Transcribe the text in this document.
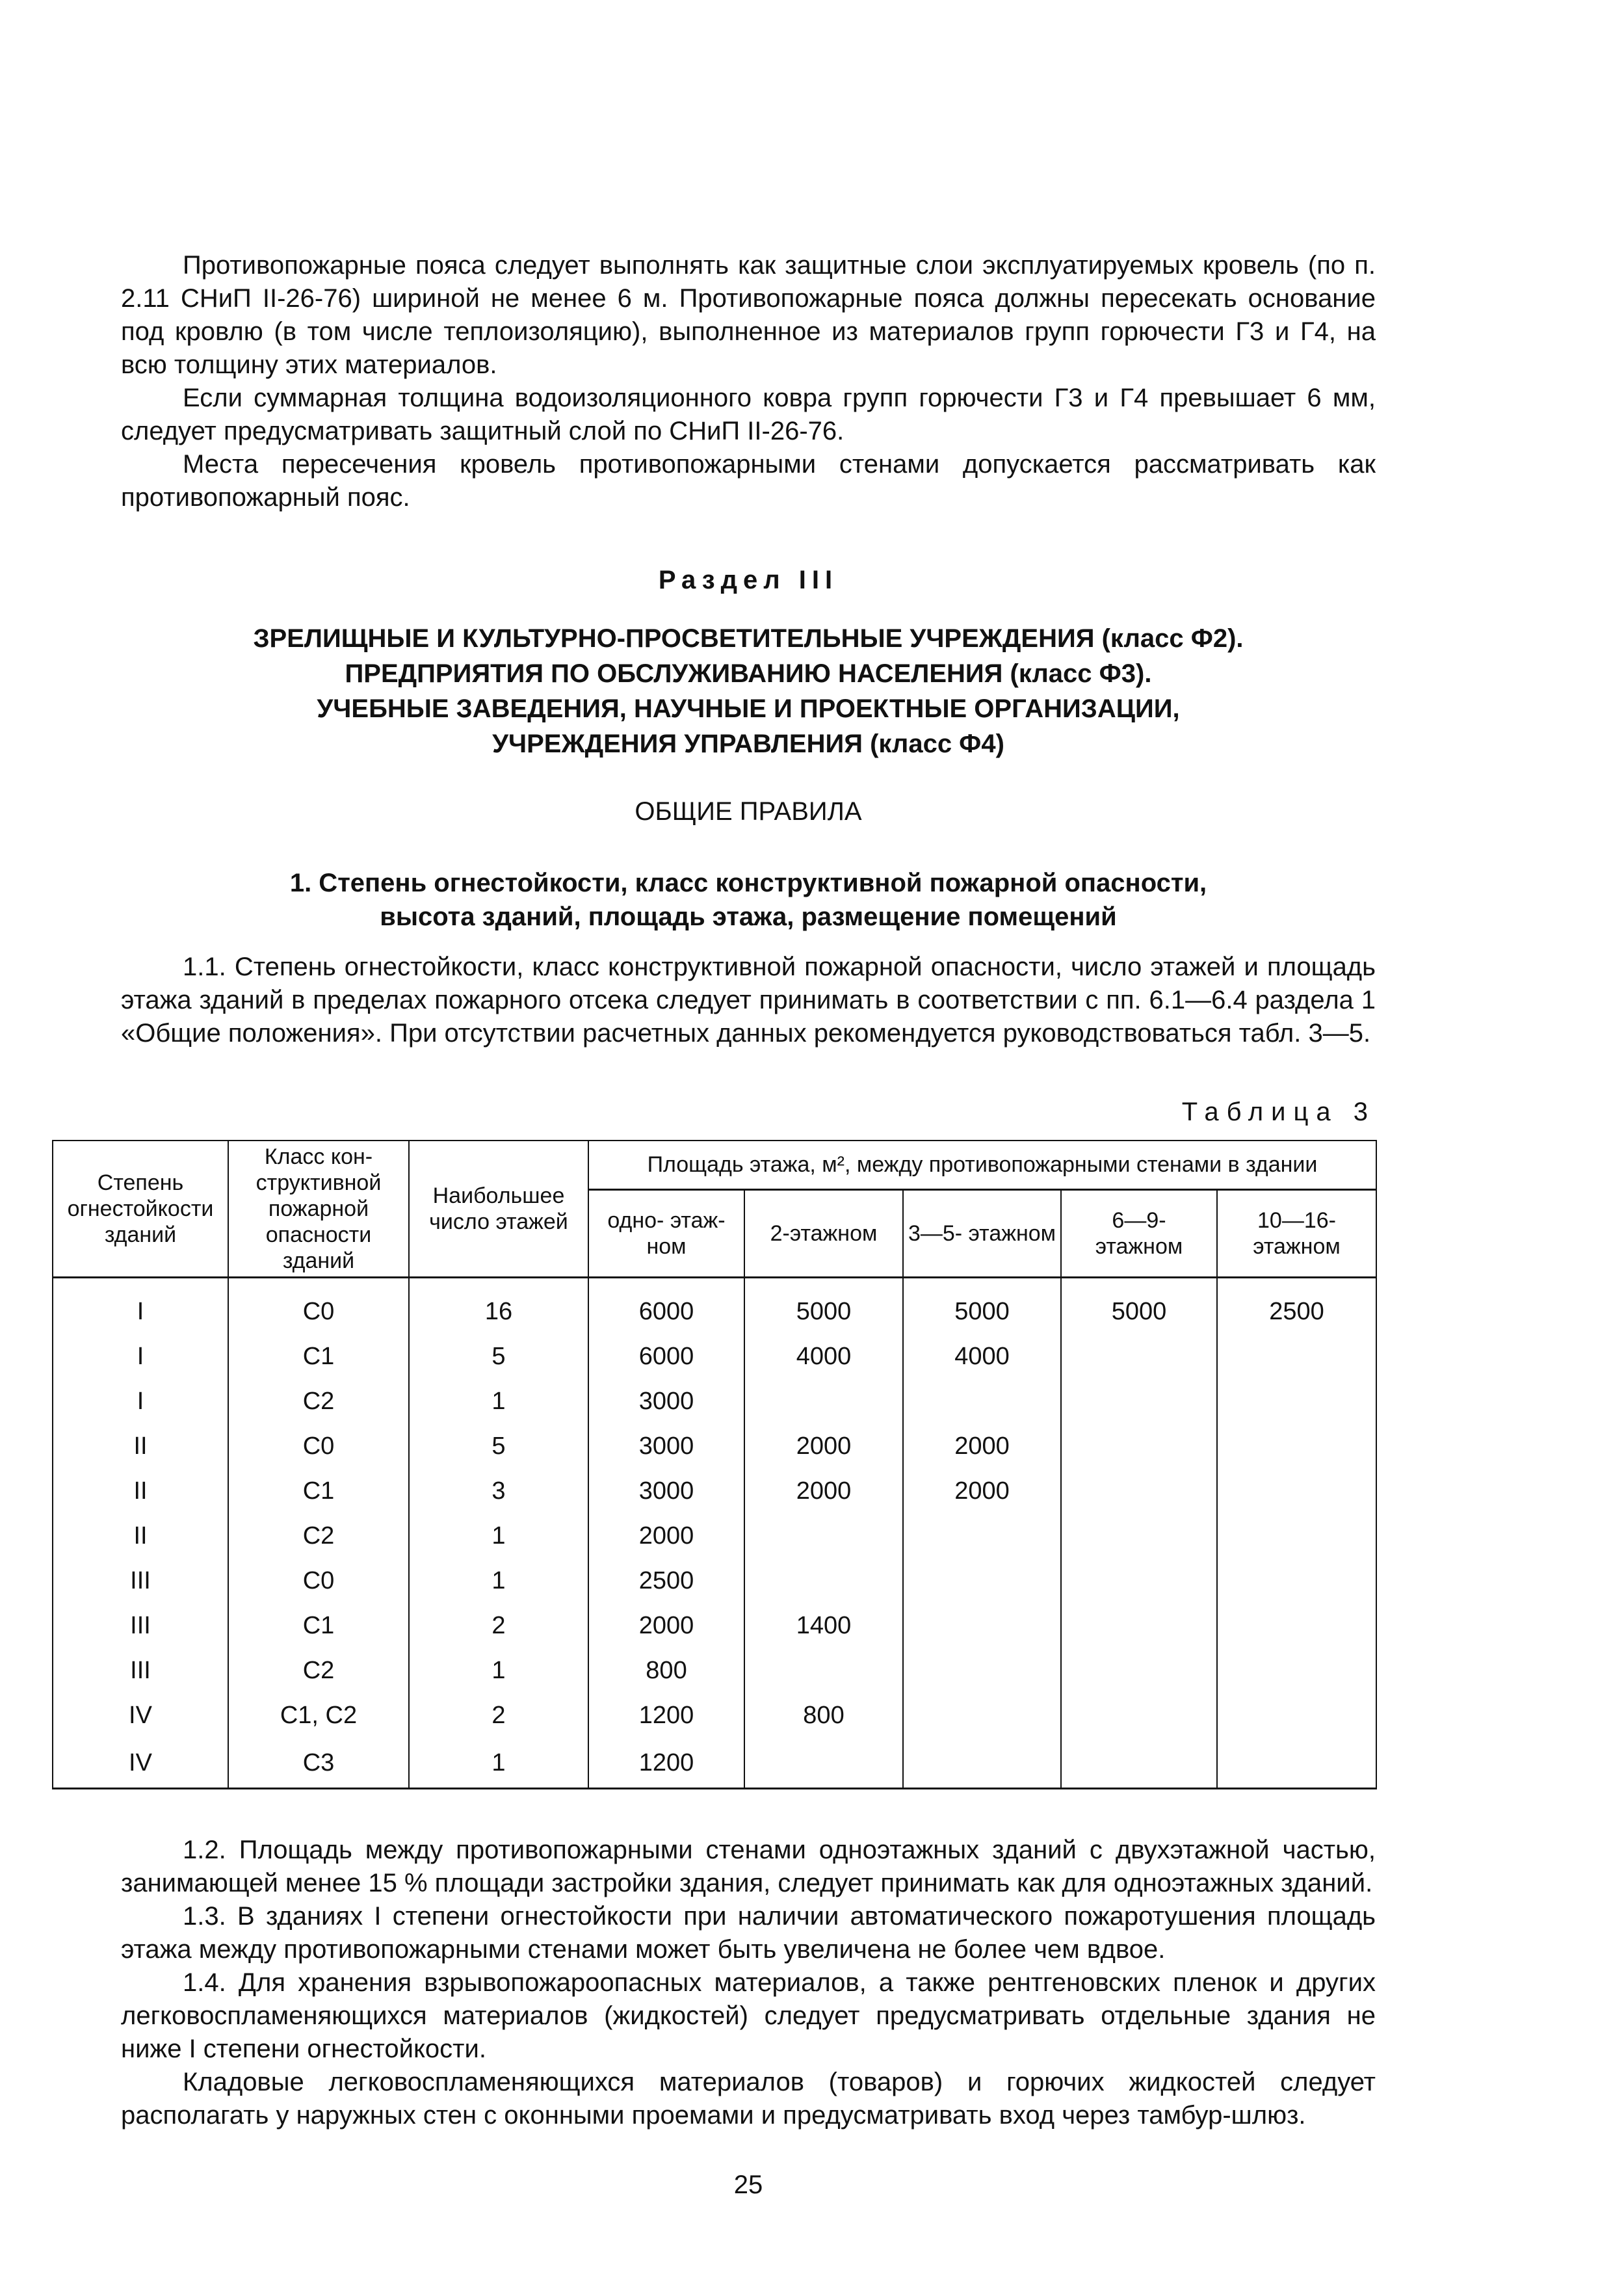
Противопожарные пояса следует выполнять как защитные слои эксплуатируемых кровель (по п. 2.11 СНиП II-26-76) шириной не менее 6 м. Противопожарные пояса должны пересекать основание под кровлю (в том числе теплоизоляцию), выполненное из материалов групп горючести Г3 и Г4, на всю толщину этих материалов.

Если суммарная толщина водоизоляционного ковра групп горючести Г3 и Г4 превышает 6 мм, следует предусматривать защитный слой по СНиП II-26-76.

Места пересечения кровель противопожарными стенами допускается рассматривать как противопожарный пояс.

Раздел III
ЗРЕЛИЩНЫЕ И КУЛЬТУРНО-ПРОСВЕТИТЕЛЬНЫЕ УЧРЕЖДЕНИЯ (класс Ф2).
ПРЕДПРИЯТИЯ ПО ОБСЛУЖИВАНИЮ НАСЕЛЕНИЯ (класс Ф3).
УЧЕБНЫЕ ЗАВЕДЕНИЯ, НАУЧНЫЕ И ПРОЕКТНЫЕ ОРГАНИЗАЦИИ,
УЧРЕЖДЕНИЯ УПРАВЛЕНИЯ (класс Ф4)
ОБЩИЕ ПРАВИЛА
1. Степень огнестойкости, класс конструктивной пожарной опасности,
высота зданий, площадь этажа, размещение помещений

1.1. Степень огнестойкости, класс конструктивной пожарной опасности, число этажей и площадь этажа зданий в пределах пожарного отсека следует принимать в соответствии с пп. 6.1—6.4 раздела 1 «Общие положения». При отсутствии расчетных данных рекомендуется руководствоваться табл. 3—5.

Таблица 3
Степень огнестойкости зданий	Класс кон- структивной пожарной опасности зданий	Наибольшее число этажей	Площадь этажа, м², между противопожарными стенами в здании				
			одно- этаж- ном	2-этажном	3—5- этажном	6—9- этажном	10—16- этажном
I	С0	16	6000	5000	5000	5000	2500
I	С1	5	6000	4000	4000		
I	С2	1	3000				
II	С0	5	3000	2000	2000		
II	С1	3	3000	2000	2000		
II	С2	1	2000				
III	С0	1	2500				
III	С1	2	2000	1400			
III	С2	1	800				
IV	С1, С2	2	1200	800			
IV	С3	1	1200				

1.2. Площадь между противопожарными стенами одноэтажных зданий с двухэтажной частью, занимающей менее 15 % площади застройки здания, следует принимать как для одноэтажных зданий.

1.3. В зданиях I степени огнестойкости при наличии автоматического пожаротушения площадь этажа между противопожарными стенами может быть увеличена не более чем вдвое.

1.4. Для хранения взрывопожароопасных материалов, а также рентгеновских пленок и других легковоспламеняющихся материалов (жидкостей) следует предусматривать отдельные здания не ниже I степени огнестойкости.

Кладовые легковоспламеняющихся материалов (товаров) и горючих жидкостей следует располагать у наружных стен с оконными проемами и предусматривать вход через тамбур-шлюз.

25
